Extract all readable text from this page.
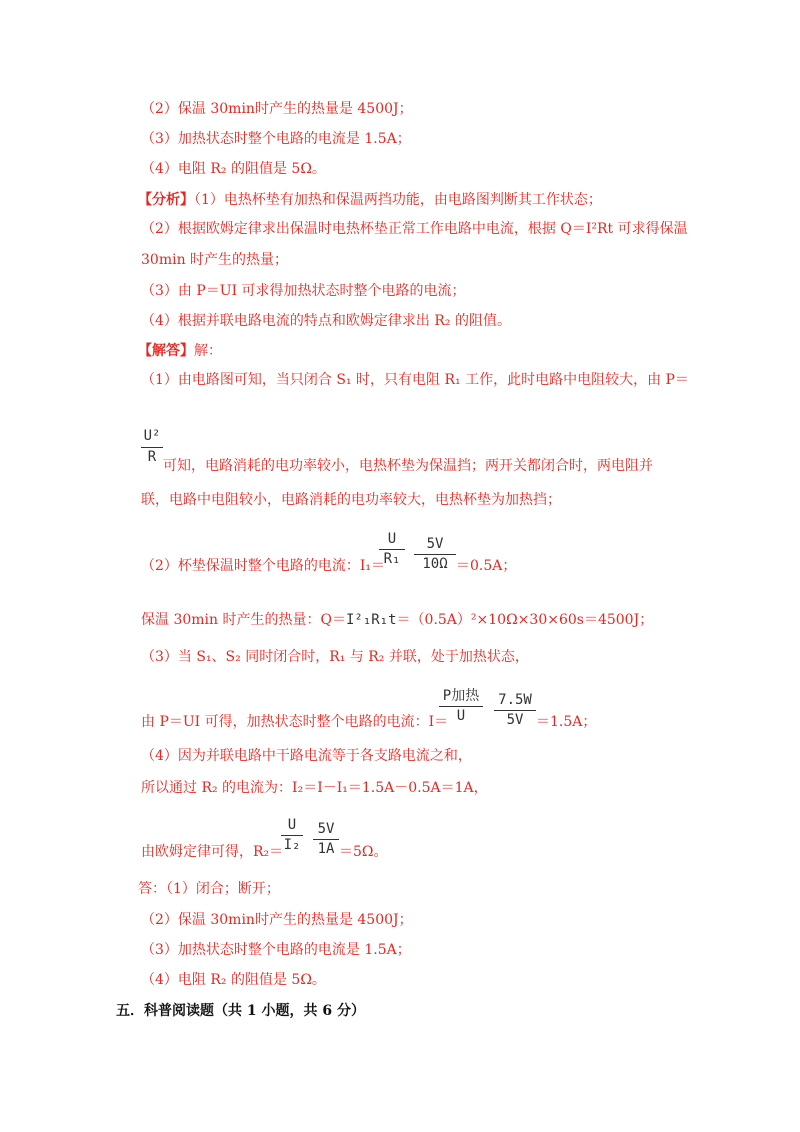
（2）保温 30min时产生的热量是 4500J；
（3）加热状态时整个电路的电流是 1.5A；
（4）电阻 R₂ 的阻值是 5Ω。
【分析】（1）电热杯垫有加热和保温两挡功能，由电路图判断其工作状态；
（2）根据欧姆定律求出保温时电热杯垫正常工作电路中电流，根据 Q＝I²Rt 可求得保温
30min 时产生的热量；
（3）由 P＝UI 可求得加热状态时整个电路的电流；
（4）根据并联电路电流的特点和欧姆定律求出 R₂ 的阻值。
【解答】解：
（1）由电路图可知，当只闭合 S₁ 时，只有电阻 R₁ 工作，此时电路中电阻较大，由 P＝
U²
R
可知，电路消耗的电功率较小，电热杯垫为保温挡；两开关都闭合时，两电阻并
联，电路中电阻较小，电路消耗的电功率较大，电热杯垫为加热挡；
（2）杯垫保温时整个电路的电流：I₁＝
U
R₁
5V
10Ω ＝0.5A；
保温 30min 时产生的热量：Q＝I²₁R₁t＝（0.5A）²×10Ω×30×60s＝4500J；
（3）当 S₁、S₂ 同时闭合时，R₁ 与 R₂ 并联，处于加热状态，
由 P＝UI 可得，加热状态时整个电路的电流：I＝
P加热
U
7.5W
5V ＝1.5A；
（4）因为并联电路中干路电流等于各支路电流之和，
所以通过 R₂ 的电流为：I₂＝I－I₁＝1.5A－0.5A＝1A，
由欧姆定律可得，R₂＝
U
I₂
5V
1A ＝5Ω。
答：（1）闭合；断开；
（2）保温 30min时产生的热量是 4500J；
（3）加热状态时整个电路的电流是 1.5A；
（4）电阻 R₂ 的阻值是 5Ω。
五．科普阅读题（共 1 小题，共 6 分）
